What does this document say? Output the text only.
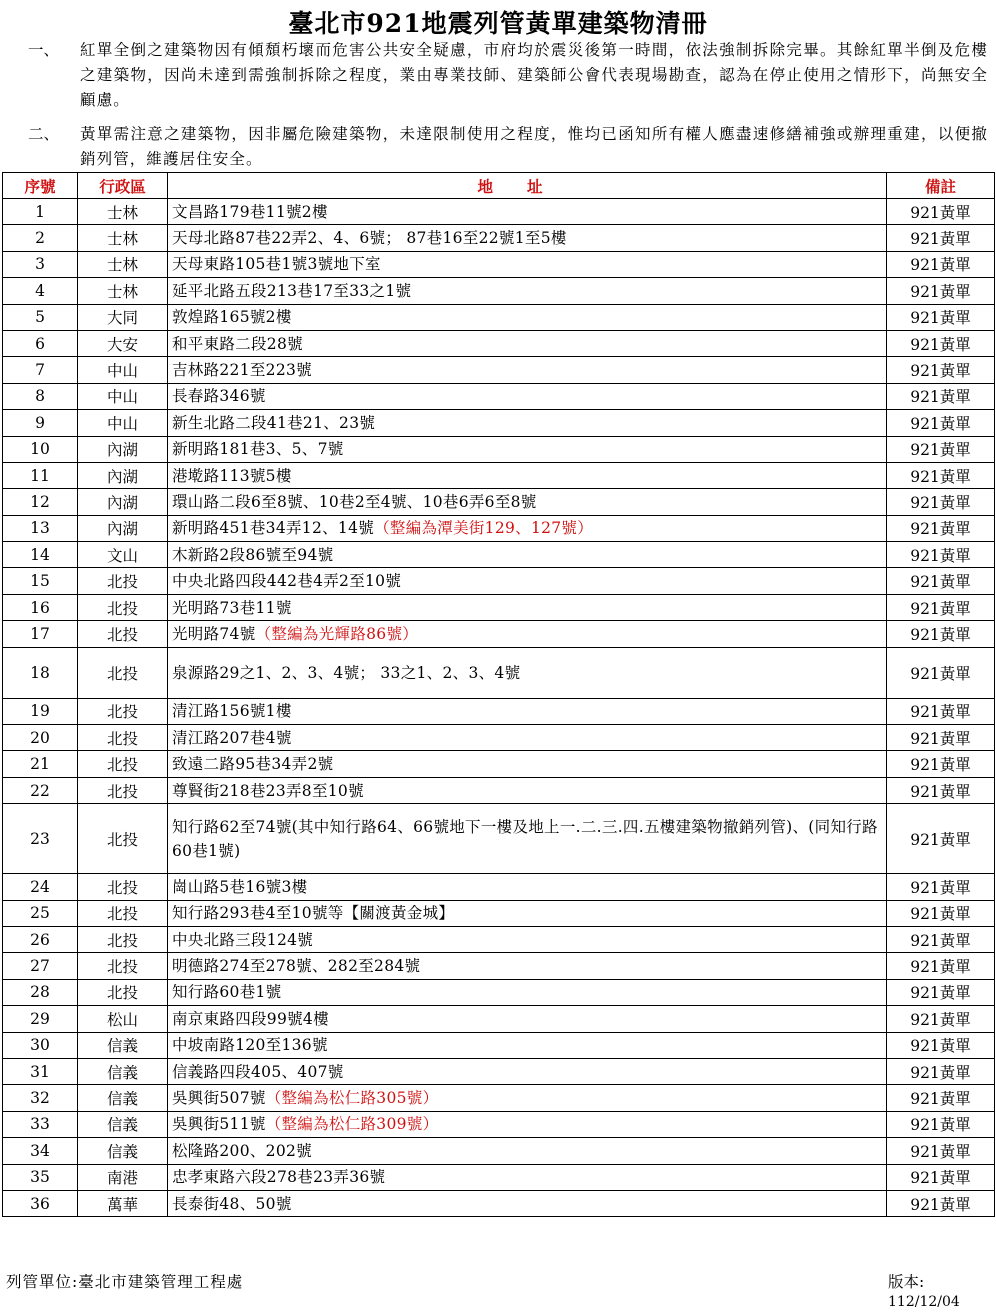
臺北市921地震列管黃單建築物清冊
一、	紅單全倒之建築物因有傾頹朽壞而危害公共安全疑慮，市府均於震災後第一時間，依法強制拆除完畢。其餘紅單半倒及危樓之建築物，因尚未達到需強制拆除之程度，業由專業技師、建築師公會代表現場勘查，認為在停止使用之情形下，尚無安全顧慮。
二、	黃單需注意之建築物，因非屬危險建築物，未達限制使用之程度，惟均已函知所有權人應盡速修繕補強或辦理重建，以便撤銷列管，維護居住安全。
序號	行政區	地址	備註
1	士林	文昌路179巷11號2樓	921黃單
2	士林	天母北路87巷22弄2、4、6號； 87巷16至22號1至5樓	921黃單
3	士林	天母東路105巷1號3號地下室	921黃單
4	士林	延平北路五段213巷17至33之1號	921黃單
5	大同	敦煌路165號2樓	921黃單
6	大安	和平東路二段28號	921黃單
7	中山	吉林路221至223號	921黃單
8	中山	長春路346號	921黃單
9	中山	新生北路二段41巷21、23號	921黃單
10	內湖	新明路181巷3、5、7號	921黃單
11	內湖	港墘路113號5樓	921黃單
12	內湖	環山路二段6至8號、10巷2至4號、10巷6弄6至8號	921黃單
13	內湖	新明路451巷34弄12、14號（整編為潭美街129、127號）	921黃單
14	文山	木新路2段86號至94號	921黃單
15	北投	中央北路四段442巷4弄2至10號	921黃單
16	北投	光明路73巷11號	921黃單
17	北投	光明路74號（整編為光輝路86號）	921黃單
18	北投	泉源路29之1、2、3、4號； 33之1、2、3、4號	921黃單
19	北投	清江路156號1樓	921黃單
20	北投	清江路207巷4號	921黃單
21	北投	致遠二路95巷34弄2號	921黃單
22	北投	尊賢街218巷23弄8至10號	921黃單
23	北投	知行路62至74號(其中知行路64、66號地下一樓及地上一.二.三.四.五樓建築物撤銷列管)、(同知行路60巷1號)	921黃單
24	北投	崗山路5巷16號3樓	921黃單
25	北投	知行路293巷4至10號等【關渡黃金城】	921黃單
26	北投	中央北路三段124號	921黃單
27	北投	明德路274至278號、282至284號	921黃單
28	北投	知行路60巷1號	921黃單
29	松山	南京東路四段99號4樓	921黃單
30	信義	中坡南路120至136號	921黃單
31	信義	信義路四段405、407號	921黃單
32	信義	吳興街507號（整編為松仁路305號）	921黃單
33	信義	吳興街511號（整編為松仁路309號）	921黃單
34	信義	松隆路200、202號	921黃單
35	南港	忠孝東路六段278巷23弄36號	921黃單
36	萬華	長泰街48、50號	921黃單
列管單位:臺北市建築管理工程處	版本:
112/12/04
